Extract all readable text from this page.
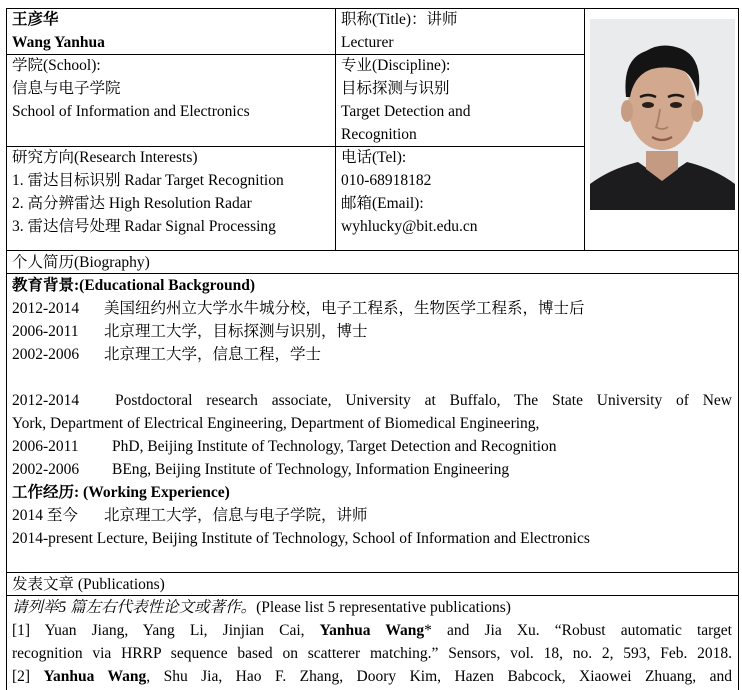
王彦华
Wang Yanhua
职称(Title)：讲师
Lecturer
学院(School):
信息与电子学院
School of Information and Electronics
专业(Discipline):
目标探测与识别
Target Detection and
Recognition
研究方向(Research Interests)
1. 雷达目标识别 Radar Target Recognition
2. 高分辨雷达 High Resolution Radar
3. 雷达信号处理 Radar Signal Processing
电话(Tel):
010-68918182
邮箱(Email):
wyhlucky@bit.edu.cn
个人简历(Biography)
教育背景:(Educational Background)
2012-2014 美国纽约州立大学水牛城分校，电子工程系，生物医学工程系，博士后
2006-2011 北京理工大学，目标探测与识别，博士
2002-2006 北京理工大学，信息工程，学士
2012-2014 Postdoctoral research associate, University at Buffalo, The State University of New
York, Department of Electrical Engineering, Department of Biomedical Engineering,
2006-2011 PhD, Beijing Institute of Technology, Target Detection and Recognition
2002-2006 BEng, Beijing Institute of Technology, Information Engineering
工作经历: (Working Experience)
2014 至今 北京理工大学，信息与电子学院，讲师
2014-present Lecture, Beijing Institute of Technology, School of Information and Electronics
发表文章 (Publications)
请列举5 篇左右代表性论文或著作。(Please list 5 representative publications)
[1] Yuan Jiang, Yang Li, Jinjian Cai, Yanhua Wang* and Jia Xu. “Robust automatic target
recognition via HRRP sequence based on scatterer matching.” Sensors, vol. 18, no. 2, 593, Feb. 2018.
[2] Yanhua Wang, Shu Jia, Hao F. Zhang, Doory Kim, Hazen Babcock, Xiaowei Zhuang, and
